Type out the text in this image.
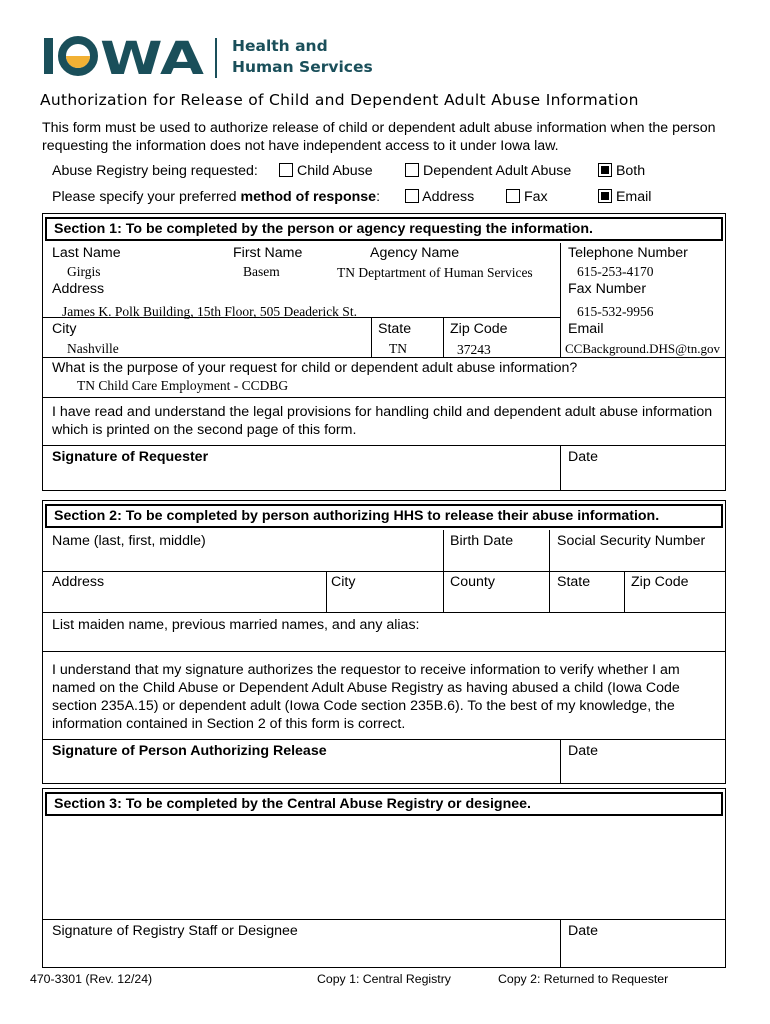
WA
TM
Health and
Human Services
Authorization for Release of Child and Dependent Adult Abuse Information
This form must be used to authorize release of child or dependent adult abuse information when the person requesting the information does not have independent access to it under Iowa law.
Abuse Registry being requested:	Child Abuse	Dependent Adult Abuse	Both
Please specify your preferred method of response:	Address	Fax	Email
Section 1: To be completed by the person or agency requesting the information.
Last Name
Girgis
First Name
Basem
Agency Name
TN Deptartment of Human Services
Telephone Number
615-253-4170
Address
James K. Polk Building, 15th Floor, 505 Deaderick St.
Fax Number
615-532-9956
City
Nashville
State
TN
Zip Code
37243
Email
CCBackground.DHS@tn.gov
What is the purpose of your request for child or dependent adult abuse information?
TN Child Care Employment - CCDBG
I have read and understand the legal provisions for handling child and dependent adult abuse information which is printed on the second page of this form.
Signature of Requester	Date
Section 2: To be completed by person authorizing HHS to release their abuse information.
Name (last, first, middle)	Birth Date	Social Security Number
Address	City	County	State	Zip Code
List maiden name, previous married names, and any alias:
I understand that my signature authorizes the requestor to receive information to verify whether I am named on the Child Abuse or Dependent Adult Abuse Registry as having abused a child (Iowa Code section 235A.15) or dependent adult (Iowa Code section 235B.6). To the best of my knowledge, the information contained in Section 2 of this form is correct.
Signature of Person Authorizing Release	Date
Section 3: To be completed by the Central Abuse Registry or designee.
Signature of Registry Staff or Designee	Date
470-3301 (Rev. 12/24)	Copy 1: Central Registry	Copy 2: Returned to Requester
